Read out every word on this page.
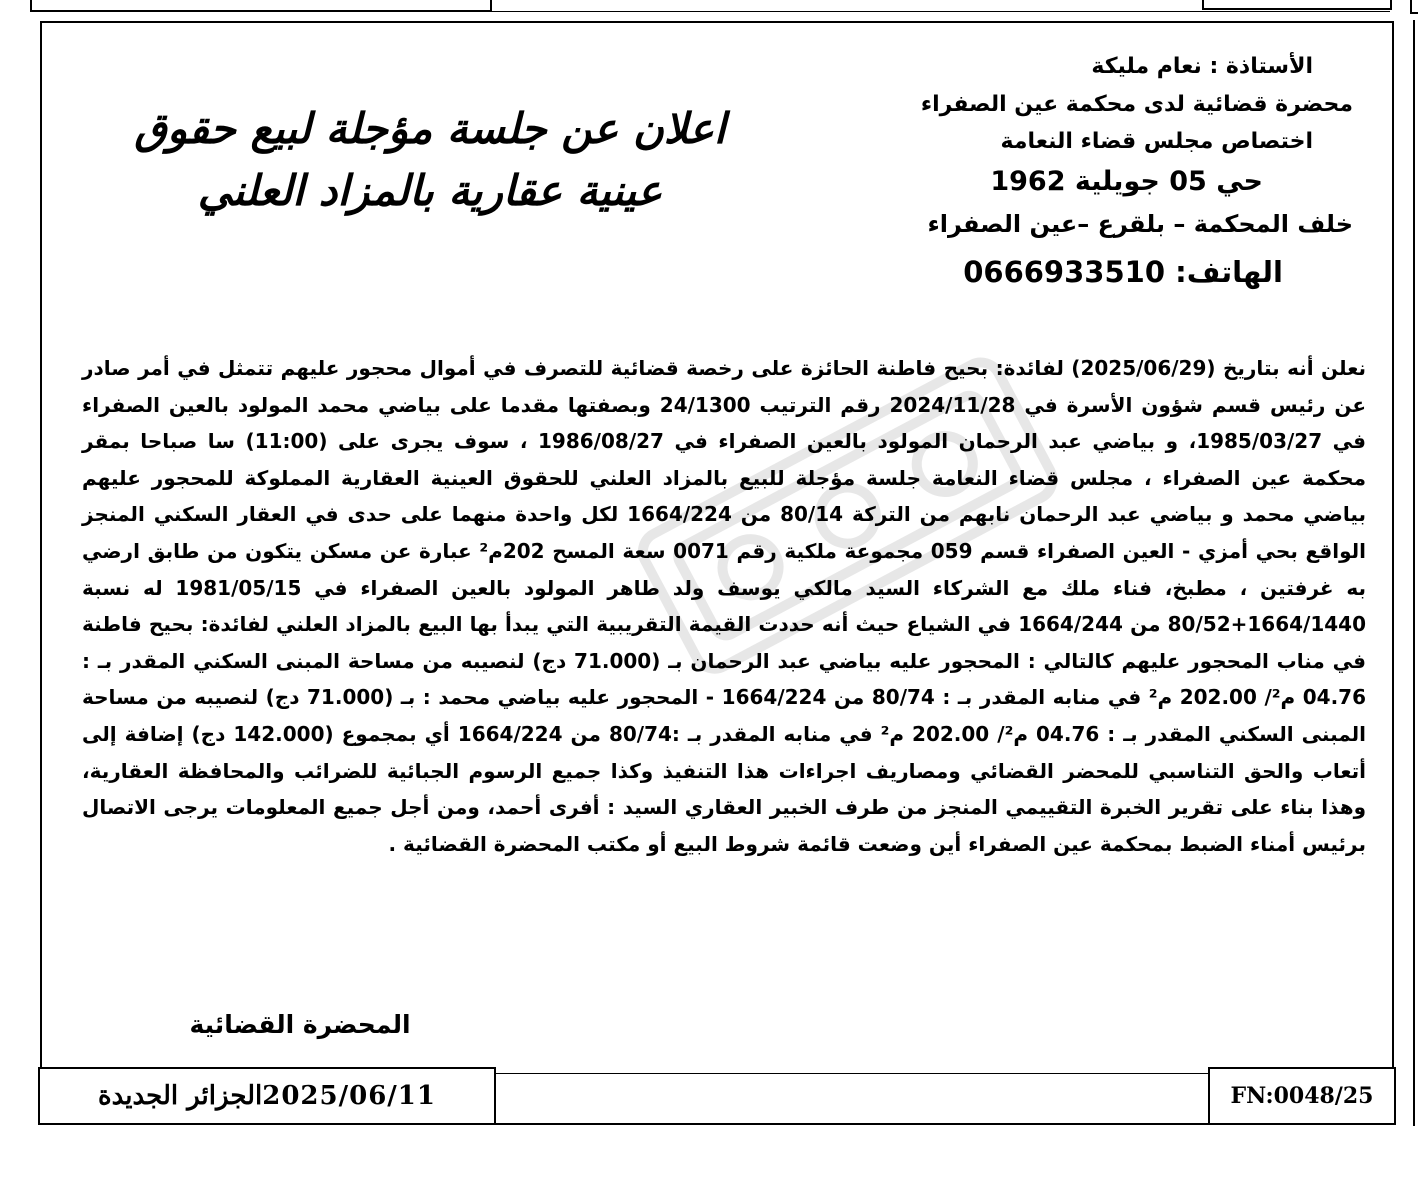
الأستاذة : نعام مليكة
محضرة قضائية لدى محكمة عين الصفراء
اختصاص مجلس قضاء النعامة
حي 05 جويلية 1962
خلف المحكمة – بلقرع –عين الصفراء
الهاتف: 0666933510
اعلان عن جلسة مؤجلة لبيع حقوق
عينية عقارية بالمزاد العلني
نعلن أنه بتاريخ (2025/06/29) لفائدة: بحيح فاطنة الحائزة على رخصة قضائية للتصرف في أموال محجور عليهم تتمثل في أمر صادر عن رئيس قسم شؤون الأسرة في 2024/11/28 رقم الترتيب 24/1300 وبصفتها مقدما على بياضي محمد المولود بالعين الصفراء في 1985/03/27، و بياضي عبد الرحمان المولود بالعين الصفراء في 1986/08/27 ، سوف يجرى على (11:00) سا صباحا بمقر محكمة عين الصفراء ، مجلس قضاء النعامة جلسة مؤجلة للبيع بالمزاد العلني للحقوق العينية العقارية المملوكة للمحجور عليهم بياضي محمد و بياضي عبد الرحمان نابهم من التركة 80/14 من 1664/224 لكل واحدة منهما على حدى في العقار السكني المنجز الواقع بحي أمزي - العين الصفراء قسم 059 مجموعة ملكية رقم 0071 سعة المسح 202م² عبارة عن مسكن يتكون من طابق ارضي به غرفتين ، مطبخ، فناء ملك مع الشركاء السيد مالكي يوسف ولد طاهر المولود بالعين الصفراء في 1981/05/15 له نسبة 1664/1440+80/52 من 1664/244 في الشياع حيث أنه حددت القيمة التقريبية التي يبدأ بها البيع بالمزاد العلني لفائدة: بحيح فاطنة في مناب المحجور عليهم كالتالي : المحجور عليه بياضي عبد الرحمان بـ (71.000 دج) لنصيبه من مساحة المبنى السكني المقدر بـ : 04.76 م²/ 202.00 م² في منابه المقدر بـ : 80/74 من 1664/224 - المحجور عليه بياضي محمد : بـ (71.000 دج) لنصيبه من مساحة المبنى السكني المقدر بـ : 04.76 م²/ 202.00 م² في منابه المقدر بـ :80/74 من 1664/224 أي بمجموع (142.000 دج) إضافة إلى أتعاب والحق التناسبي للمحضر القضائي ومصاريف اجراءات هذا التنفيذ وكذا جميع الرسوم الجبائية للضرائب والمحافظة العقارية، وهذا بناء على تقرير الخبرة التقييمي المنجز من طرف الخبير العقاري السيد : أفرى أحمد، ومن أجل جميع المعلومات يرجى الاتصال برئيس أمناء الضبط بمحكمة عين الصفراء أين وضعت قائمة شروط البيع أو مكتب المحضرة القضائية .
المحضرة القضائية
الجزائر الجديدة 2025/06/11	FN:0048/25
